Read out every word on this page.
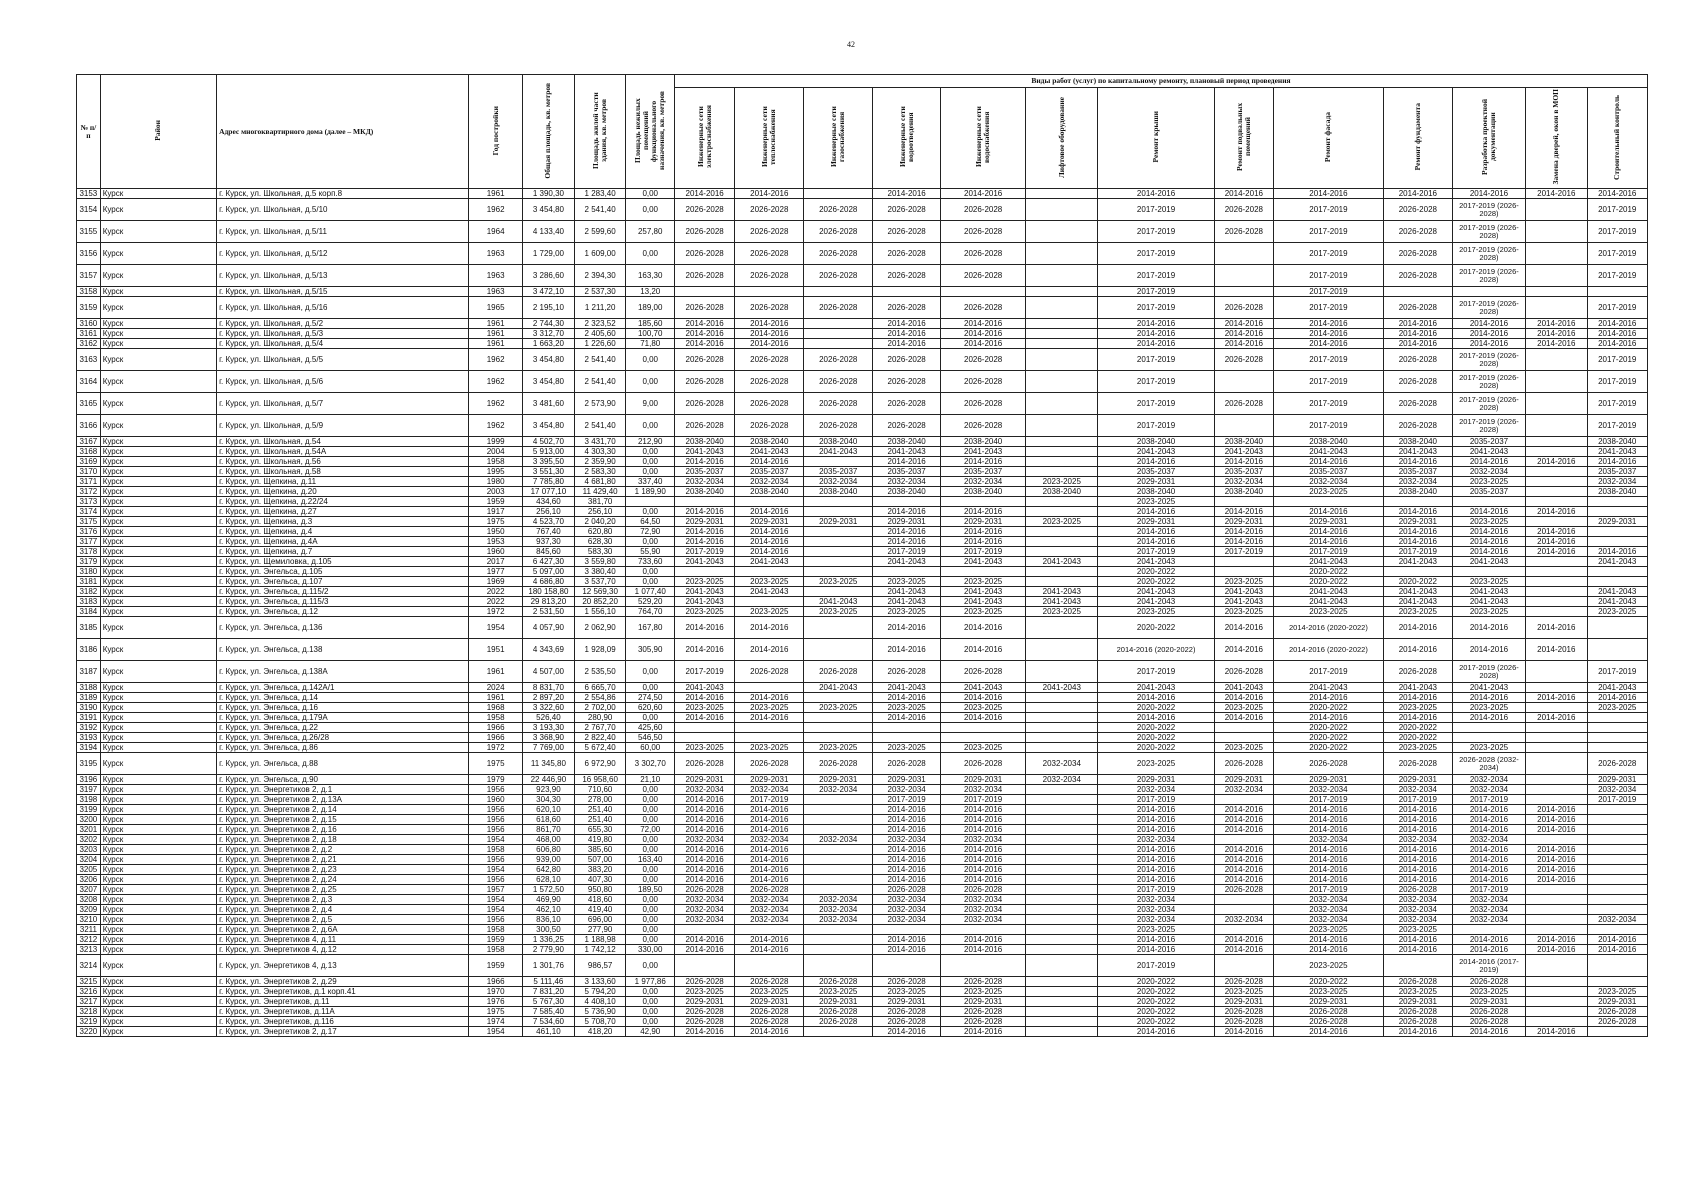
42
№ п/п	Район	Адрес многоквартирного дома (далее – МКД)	Год постройки	Общая площадь, кв. метров	Площадь жилой части здания, кв. метров	Площадь нежилых помещений функционального назначения, кв. метров	Виды работ (услуг) по капитальному ремонту, плановый период проведения												
							Инженерные сети электроснабжения	Инженерные сети теплоснабжения	Инженерные сети газоснабжения	Инженерные сети водоотведения	Инженерные сети водоснабжения	Лифтовое оборудование	Ремонт крыши	Ремонт подвальных помещений	Ремонт фасада	Ремонт фундамента	Разработка проектной документации	Замена дверей, окон в МОП	Строительный контроль
3153	Курск	г. Курск, ул. Школьная, д.5 корп.8	1961	1 390,30	1 283,40	0,00	2014-2016	2014-2016		2014-2016	2014-2016		2014-2016	2014-2016	2014-2016	2014-2016	2014-2016	2014-2016	2014-2016
3154	Курск	г. Курск, ул. Школьная, д.5/10	1962	3 454,80	2 541,40	0,00	2026-2028	2026-2028	2026-2028	2026-2028	2026-2028		2017-2019	2026-2028	2017-2019	2026-2028	2017-2019 (2026-2028)		2017-2019
3155	Курск	г. Курск, ул. Школьная, д.5/11	1964	4 133,40	2 599,60	257,80	2026-2028	2026-2028	2026-2028	2026-2028	2026-2028		2017-2019	2026-2028	2017-2019	2026-2028	2017-2019 (2026-2028)		2017-2019
3156	Курск	г. Курск, ул. Школьная, д.5/12	1963	1 729,00	1 609,00	0,00	2026-2028	2026-2028	2026-2028	2026-2028	2026-2028		2017-2019		2017-2019	2026-2028	2017-2019 (2026-2028)		2017-2019
3157	Курск	г. Курск, ул. Школьная, д.5/13	1963	3 286,60	2 394,30	163,30	2026-2028	2026-2028	2026-2028	2026-2028	2026-2028		2017-2019		2017-2019	2026-2028	2017-2019 (2026-2028)		2017-2019
3158	Курск	г. Курск, ул. Школьная, д.5/15	1963	3 472,10	2 537,30	13,20							2017-2019		2017-2019				
3159	Курск	г. Курск, ул. Школьная, д.5/16	1965	2 195,10	1 211,20	189,00	2026-2028	2026-2028	2026-2028	2026-2028	2026-2028		2017-2019	2026-2028	2017-2019	2026-2028	2017-2019 (2026-2028)		2017-2019
3160	Курск	г. Курск, ул. Школьная, д.5/2	1961	2 744,30	2 323,52	185,60	2014-2016	2014-2016		2014-2016	2014-2016		2014-2016	2014-2016	2014-2016	2014-2016	2014-2016	2014-2016	2014-2016
3161	Курск	г. Курск, ул. Школьная, д.5/3	1961	3 312,70	2 405,60	100,70	2014-2016	2014-2016		2014-2016	2014-2016		2014-2016	2014-2016	2014-2016	2014-2016	2014-2016	2014-2016	2014-2016
3162	Курск	г. Курск, ул. Школьная, д.5/4	1961	1 663,20	1 226,60	71,80	2014-2016	2014-2016		2014-2016	2014-2016		2014-2016	2014-2016	2014-2016	2014-2016	2014-2016	2014-2016	2014-2016
3163	Курск	г. Курск, ул. Школьная, д.5/5	1962	3 454,80	2 541,40	0,00	2026-2028	2026-2028	2026-2028	2026-2028	2026-2028		2017-2019	2026-2028	2017-2019	2026-2028	2017-2019 (2026-2028)		2017-2019
3164	Курск	г. Курск, ул. Школьная, д.5/6	1962	3 454,80	2 541,40	0,00	2026-2028	2026-2028	2026-2028	2026-2028	2026-2028		2017-2019		2017-2019	2026-2028	2017-2019 (2026-2028)		2017-2019
3165	Курск	г. Курск, ул. Школьная, д.5/7	1962	3 481,60	2 573,90	9,00	2026-2028	2026-2028	2026-2028	2026-2028	2026-2028		2017-2019	2026-2028	2017-2019	2026-2028	2017-2019 (2026-2028)		2017-2019
3166	Курск	г. Курск, ул. Школьная, д.5/9	1962	3 454,80	2 541,40	0,00	2026-2028	2026-2028	2026-2028	2026-2028	2026-2028		2017-2019		2017-2019	2026-2028	2017-2019 (2026-2028)		2017-2019
3167	Курск	г. Курск, ул. Школьная, д.54	1999	4 502,70	3 431,70	212,90	2038-2040	2038-2040	2038-2040	2038-2040	2038-2040		2038-2040	2038-2040	2038-2040	2038-2040	2035-2037		2038-2040
3168	Курск	г. Курск, ул. Школьная, д.54А	2004	5 913,00	4 303,30	0,00	2041-2043	2041-2043	2041-2043	2041-2043	2041-2043		2041-2043	2041-2043	2041-2043	2041-2043	2041-2043		2041-2043
3169	Курск	г. Курск, ул. Школьная, д.56	1958	3 395,50	2 359,90	0,00	2014-2016	2014-2016		2014-2016	2014-2016		2014-2016	2014-2016	2014-2016	2014-2016	2014-2016	2014-2016	2014-2016
3170	Курск	г. Курск, ул. Школьная, д.58	1995	3 551,30	2 583,30	0,00	2035-2037	2035-2037	2035-2037	2035-2037	2035-2037		2035-2037	2035-2037	2035-2037	2035-2037	2032-2034		2035-2037
3171	Курск	г. Курск, ул. Щепкина, д.11	1980	7 785,80	4 681,80	337,40	2032-2034	2032-2034	2032-2034	2032-2034	2032-2034	2023-2025	2029-2031	2032-2034	2032-2034	2032-2034	2023-2025		2032-2034
3172	Курск	г. Курск, ул. Щепкина, д.20	2003	17 077,10	11 429,40	1 189,90	2038-2040	2038-2040	2038-2040	2038-2040	2038-2040	2038-2040	2038-2040	2038-2040	2023-2025	2038-2040	2035-2037		2038-2040
3173	Курск	г. Курск, ул. Щепкина, д.22/24	1959	434,60	381,70								2023-2025						
3174	Курск	г. Курск, ул. Щепкина, д.27	1917	256,10	256,10	0,00	2014-2016	2014-2016		2014-2016	2014-2016		2014-2016	2014-2016	2014-2016	2014-2016	2014-2016	2014-2016	
3175	Курск	г. Курск, ул. Щепкина, д.3	1975	4 523,70	2 040,20	64,50	2029-2031	2029-2031	2029-2031	2029-2031	2029-2031	2023-2025	2029-2031	2029-2031	2029-2031	2029-2031	2023-2025		2029-2031
3176	Курск	г. Курск, ул. Щепкина, д.4	1950	767,40	620,80	72,90	2014-2016	2014-2016		2014-2016	2014-2016		2014-2016	2014-2016	2014-2016	2014-2016	2014-2016	2014-2016	
3177	Курск	г. Курск, ул. Щепкина, д.4А	1953	937,30	628,30	0,00	2014-2016	2014-2016		2014-2016	2014-2016		2014-2016	2014-2016	2014-2016	2014-2016	2014-2016	2014-2016	
3178	Курск	г. Курск, ул. Щепкина, д.7	1960	845,60	583,30	55,90	2017-2019	2014-2016		2017-2019	2017-2019		2017-2019	2017-2019	2017-2019	2017-2019	2014-2016	2014-2016	2014-2016
3179	Курск	г. Курск, ул. Щемиловка, д.105	2017	6 427,30	3 559,80	733,60	2041-2043	2041-2043		2041-2043	2041-2043	2041-2043	2041-2043		2041-2043	2041-2043	2041-2043		2041-2043
3180	Курск	г. Курск, ул. Энгельса, д.105	1977	5 097,00	3 380,40	0,00							2020-2022		2020-2022				
3181	Курск	г. Курск, ул. Энгельса, д.107	1969	4 686,80	3 537,70	0,00	2023-2025	2023-2025	2023-2025	2023-2025	2023-2025		2020-2022	2023-2025	2020-2022	2020-2022	2023-2025		
3182	Курск	г. Курск, ул. Энгельса, д.115/2	2022	180 158,80	12 569,30	1 077,40	2041-2043	2041-2043		2041-2043	2041-2043	2041-2043	2041-2043	2041-2043	2041-2043	2041-2043	2041-2043		2041-2043
3183	Курск	г. Курск, ул. Энгельса, д.115/3	2022	29 813,20	20 852,20	529,20	2041-2043		2041-2043	2041-2043	2041-2043	2041-2043	2041-2043	2041-2043	2041-2043	2041-2043	2041-2043		2041-2043
3184	Курск	г. Курск, ул. Энгельса, д.12	1972	2 531,50	1 556,10	764,70	2023-2025	2023-2025	2023-2025	2023-2025	2023-2025	2023-2025	2023-2025	2023-2025	2023-2025	2023-2025	2023-2025		2023-2025
3185	Курск	г. Курск, ул. Энгельса, д.136	1954	4 057,90	2 062,90	167,80	2014-2016	2014-2016		2014-2016	2014-2016		2020-2022	2014-2016	2014-2016 (2020-2022)	2014-2016	2014-2016	2014-2016	
3186	Курск	г. Курск, ул. Энгельса, д.138	1951	4 343,69	1 928,09	305,90	2014-2016	2014-2016		2014-2016	2014-2016		2014-2016 (2020-2022)	2014-2016	2014-2016 (2020-2022)	2014-2016	2014-2016	2014-2016	
3187	Курск	г. Курск, ул. Энгельса, д.138А	1961	4 507,00	2 535,50	0,00	2017-2019	2026-2028	2026-2028	2026-2028	2026-2028		2017-2019	2026-2028	2017-2019	2026-2028	2017-2019 (2026-2028)		2017-2019
3188	Курск	г. Курск, ул. Энгельса, д.142А/1	2024	8 831,70	6 665,70	0,00	2041-2043		2041-2043	2041-2043	2041-2043	2041-2043	2041-2043	2041-2043	2041-2043	2041-2043	2041-2043		2041-2043
3189	Курск	г. Курск, ул. Энгельса, д.14	1961	2 897,20	2 554,86	274,50	2014-2016	2014-2016		2014-2016	2014-2016		2014-2016	2014-2016	2014-2016	2014-2016	2014-2016	2014-2016	2014-2016
3190	Курск	г. Курск, ул. Энгельса, д.16	1968	3 322,60	2 702,00	620,60	2023-2025	2023-2025	2023-2025	2023-2025	2023-2025		2020-2022	2023-2025	2020-2022	2023-2025	2023-2025		2023-2025
3191	Курск	г. Курск, ул. Энгельса, д.179А	1958	526,40	280,90	0,00	2014-2016	2014-2016		2014-2016	2014-2016		2014-2016	2014-2016	2014-2016	2014-2016	2014-2016	2014-2016	
3192	Курск	г. Курск, ул. Энгельса, д.22	1966	3 193,30	2 767,70	425,60							2020-2022		2020-2022	2020-2022			
3193	Курск	г. Курск, ул. Энгельса, д.26/28	1966	3 368,90	2 822,40	546,50							2020-2022		2020-2022	2020-2022			
3194	Курск	г. Курск, ул. Энгельса, д.86	1972	7 769,00	5 672,40	60,00	2023-2025	2023-2025	2023-2025	2023-2025	2023-2025		2020-2022	2023-2025	2020-2022	2023-2025	2023-2025		
3195	Курск	г. Курск, ул. Энгельса, д.88	1975	11 345,80	6 972,90	3 302,70	2026-2028	2026-2028	2026-2028	2026-2028	2026-2028	2032-2034	2023-2025	2026-2028	2026-2028	2026-2028	2026-2028 (2032-2034)		2026-2028
3196	Курск	г. Курск, ул. Энгельса, д.90	1979	22 446,90	16 958,60	21,10	2029-2031	2029-2031	2029-2031	2029-2031	2029-2031	2032-2034	2029-2031	2029-2031	2029-2031	2029-2031	2032-2034		2029-2031
3197	Курск	г. Курск, ул. Энергетиков 2, д.1	1956	923,90	710,60	0,00	2032-2034	2032-2034	2032-2034	2032-2034	2032-2034		2032-2034	2032-2034	2032-2034	2032-2034	2032-2034		2032-2034
3198	Курск	г. Курск, ул. Энергетиков 2, д.13А	1960	304,30	278,00	0,00	2014-2016	2017-2019		2017-2019	2017-2019		2017-2019		2017-2019	2017-2019	2017-2019		2017-2019
3199	Курск	г. Курск, ул. Энергетиков 2, д.14	1956	620,10	251,40	0,00	2014-2016	2014-2016		2014-2016	2014-2016		2014-2016	2014-2016	2014-2016	2014-2016	2014-2016	2014-2016	
3200	Курск	г. Курск, ул. Энергетиков 2, д.15	1956	618,60	251,40	0,00	2014-2016	2014-2016		2014-2016	2014-2016		2014-2016	2014-2016	2014-2016	2014-2016	2014-2016	2014-2016	
3201	Курск	г. Курск, ул. Энергетиков 2, д.16	1956	861,70	655,30	72,00	2014-2016	2014-2016		2014-2016	2014-2016		2014-2016	2014-2016	2014-2016	2014-2016	2014-2016	2014-2016	
3202	Курск	г. Курск, ул. Энергетиков 2, д.18	1954	468,00	419,80	0,00	2032-2034	2032-2034	2032-2034	2032-2034	2032-2034		2032-2034		2032-2034	2032-2034	2032-2034		
3203	Курск	г. Курск, ул. Энергетиков 2, д.2	1958	606,80	385,60	0,00	2014-2016	2014-2016		2014-2016	2014-2016		2014-2016	2014-2016	2014-2016	2014-2016	2014-2016	2014-2016	
3204	Курск	г. Курск, ул. Энергетиков 2, д.21	1956	939,00	507,00	163,40	2014-2016	2014-2016		2014-2016	2014-2016		2014-2016	2014-2016	2014-2016	2014-2016	2014-2016	2014-2016	
3205	Курск	г. Курск, ул. Энергетиков 2, д.23	1954	642,80	383,20	0,00	2014-2016	2014-2016		2014-2016	2014-2016		2014-2016	2014-2016	2014-2016	2014-2016	2014-2016	2014-2016	
3206	Курск	г. Курск, ул. Энергетиков 2, д.24	1956	628,10	407,30	0,00	2014-2016	2014-2016		2014-2016	2014-2016		2014-2016	2014-2016	2014-2016	2014-2016	2014-2016	2014-2016	
3207	Курск	г. Курск, ул. Энергетиков 2, д.25	1957	1 572,50	950,80	189,50	2026-2028	2026-2028		2026-2028	2026-2028		2017-2019	2026-2028	2017-2019	2026-2028	2017-2019		
3208	Курск	г. Курск, ул. Энергетиков 2, д.3	1954	469,90	418,60	0,00	2032-2034	2032-2034	2032-2034	2032-2034	2032-2034		2032-2034		2032-2034	2032-2034	2032-2034		
3209	Курск	г. Курск, ул. Энергетиков 2, д.4	1954	462,10	419,40	0,00	2032-2034	2032-2034	2032-2034	2032-2034	2032-2034		2032-2034		2032-2034	2032-2034	2032-2034		
3210	Курск	г. Курск, ул. Энергетиков 2, д.5	1956	836,10	696,00	0,00	2032-2034	2032-2034	2032-2034	2032-2034	2032-2034		2032-2034	2032-2034	2032-2034	2032-2034	2032-2034		2032-2034
3211	Курск	г. Курск, ул. Энергетиков 2, д.6А	1958	300,50	277,90	0,00							2023-2025		2023-2025	2023-2025			
3212	Курск	г. Курск, ул. Энергетиков 4, д.11	1959	1 336,25	1 188,98	0,00	2014-2016	2014-2016		2014-2016	2014-2016		2014-2016	2014-2016	2014-2016	2014-2016	2014-2016	2014-2016	2014-2016
3213	Курск	г. Курск, ул. Энергетиков 4, д.12	1958	2 779,90	1 742,12	330,00	2014-2016	2014-2016		2014-2016	2014-2016		2014-2016	2014-2016	2014-2016	2014-2016	2014-2016	2014-2016	2014-2016
3214	Курск	г. Курск, ул. Энергетиков 4, д.13	1959	1 301,76	986,57	0,00							2017-2019		2023-2025		2014-2016 (2017-2019)		
3215	Курск	г. Курск, ул. Энергетиков 2, д.29	1966	5 111,46	3 133,60	1 977,86	2026-2028	2026-2028	2026-2028	2026-2028	2026-2028		2020-2022	2026-2028	2020-2022	2026-2028	2026-2028		
3216	Курск	г. Курск, ул. Энергетиков, д.1 корп.41	1970	7 831,20	5 794,20	0,00	2023-2025	2023-2025	2023-2025	2023-2025	2023-2025		2020-2022	2023-2025	2023-2025	2023-2025	2023-2025		2023-2025
3217	Курск	г. Курск, ул. Энергетиков, д.11	1976	5 767,30	4 408,10	0,00	2029-2031	2029-2031	2029-2031	2029-2031	2029-2031		2020-2022	2029-2031	2029-2031	2029-2031	2029-2031		2029-2031
3218	Курск	г. Курск, ул. Энергетиков, д.11А	1975	7 585,40	5 736,90	0,00	2026-2028	2026-2028	2026-2028	2026-2028	2026-2028		2020-2022	2026-2028	2026-2028	2026-2028	2026-2028		2026-2028
3219	Курск	г. Курск, ул. Энергетиков, д.116	1974	7 534,60	5 708,70	0,00	2026-2028	2026-2028	2026-2028	2026-2028	2026-2028		2020-2022	2026-2028	2026-2028	2026-2028	2026-2028		2026-2028
3220	Курск	г. Курск, ул. Энергетиков 2, д.17	1954	461,10	418,20	42,90	2014-2016	2014-2016		2014-2016	2014-2016		2014-2016	2014-2016	2014-2016	2014-2016	2014-2016	2014-2016	
